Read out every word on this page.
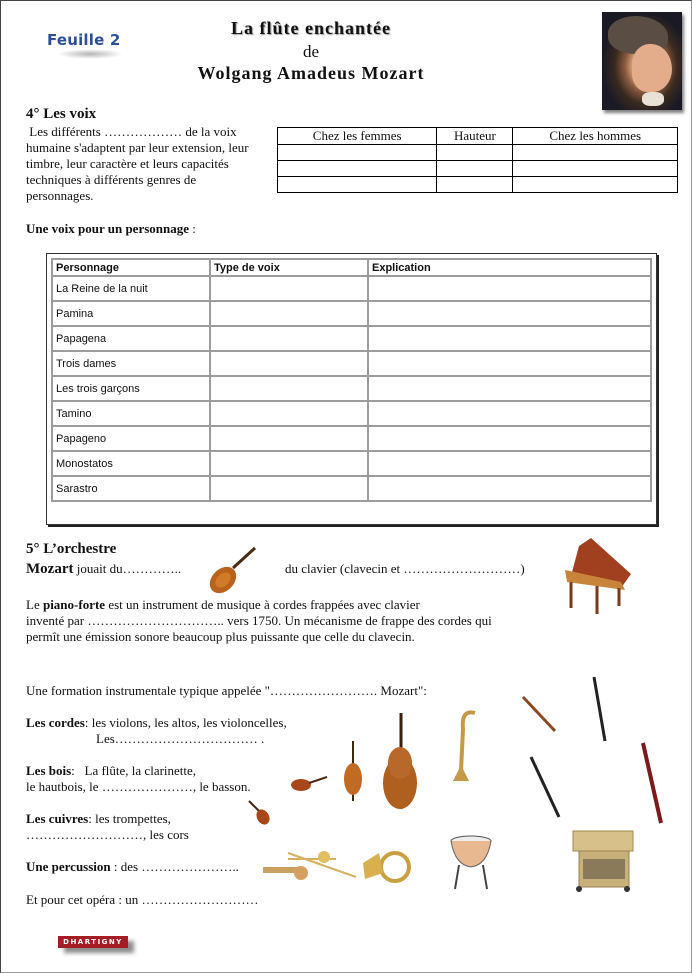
Feuille 2
La flûte enchantée
de
Wolgang Amadeus Mozart
4° Les voix
Les différents ……………… de la voix
humaine s'adaptent par leur extension, leur
timbre, leur caractère et leurs capacités
techniques à différents genres de
personnages.
Chez les femmes	Hauteur	Chez les hommes

Une voix pour un personnage :
Personnage	Type de voix	Explication
La Reine de la nuit		
Pamina		
Papagena		
Trois dames		
Les trois garçons		
Tamino		
Papageno		
Monostatos		
Sarastro		
5° L’orchestre
Mozart jouait du…………..	du clavier (clavecin et ………………………)
Le piano-forte est un instrument de musique à cordes frappées avec clavier
inventé par ………………………….. vers 1750. Un mécanisme de frappe des cordes qui
permît une émission sonore beaucoup plus puissante que celle du clavecin.
Une formation instrumentale typique appelée "……………………. Mozart":
Les cordes: les violons, les altos, les violoncelles,
Les…………………………… .
Les bois:   La flûte, la clarinette,
le hautbois, le …………………, le basson.
Les cuivres: les trompettes,
………………………, les cors
Une percussion : des …………………..
Et pour cet opéra : un ………………………
DHARTIGNY
